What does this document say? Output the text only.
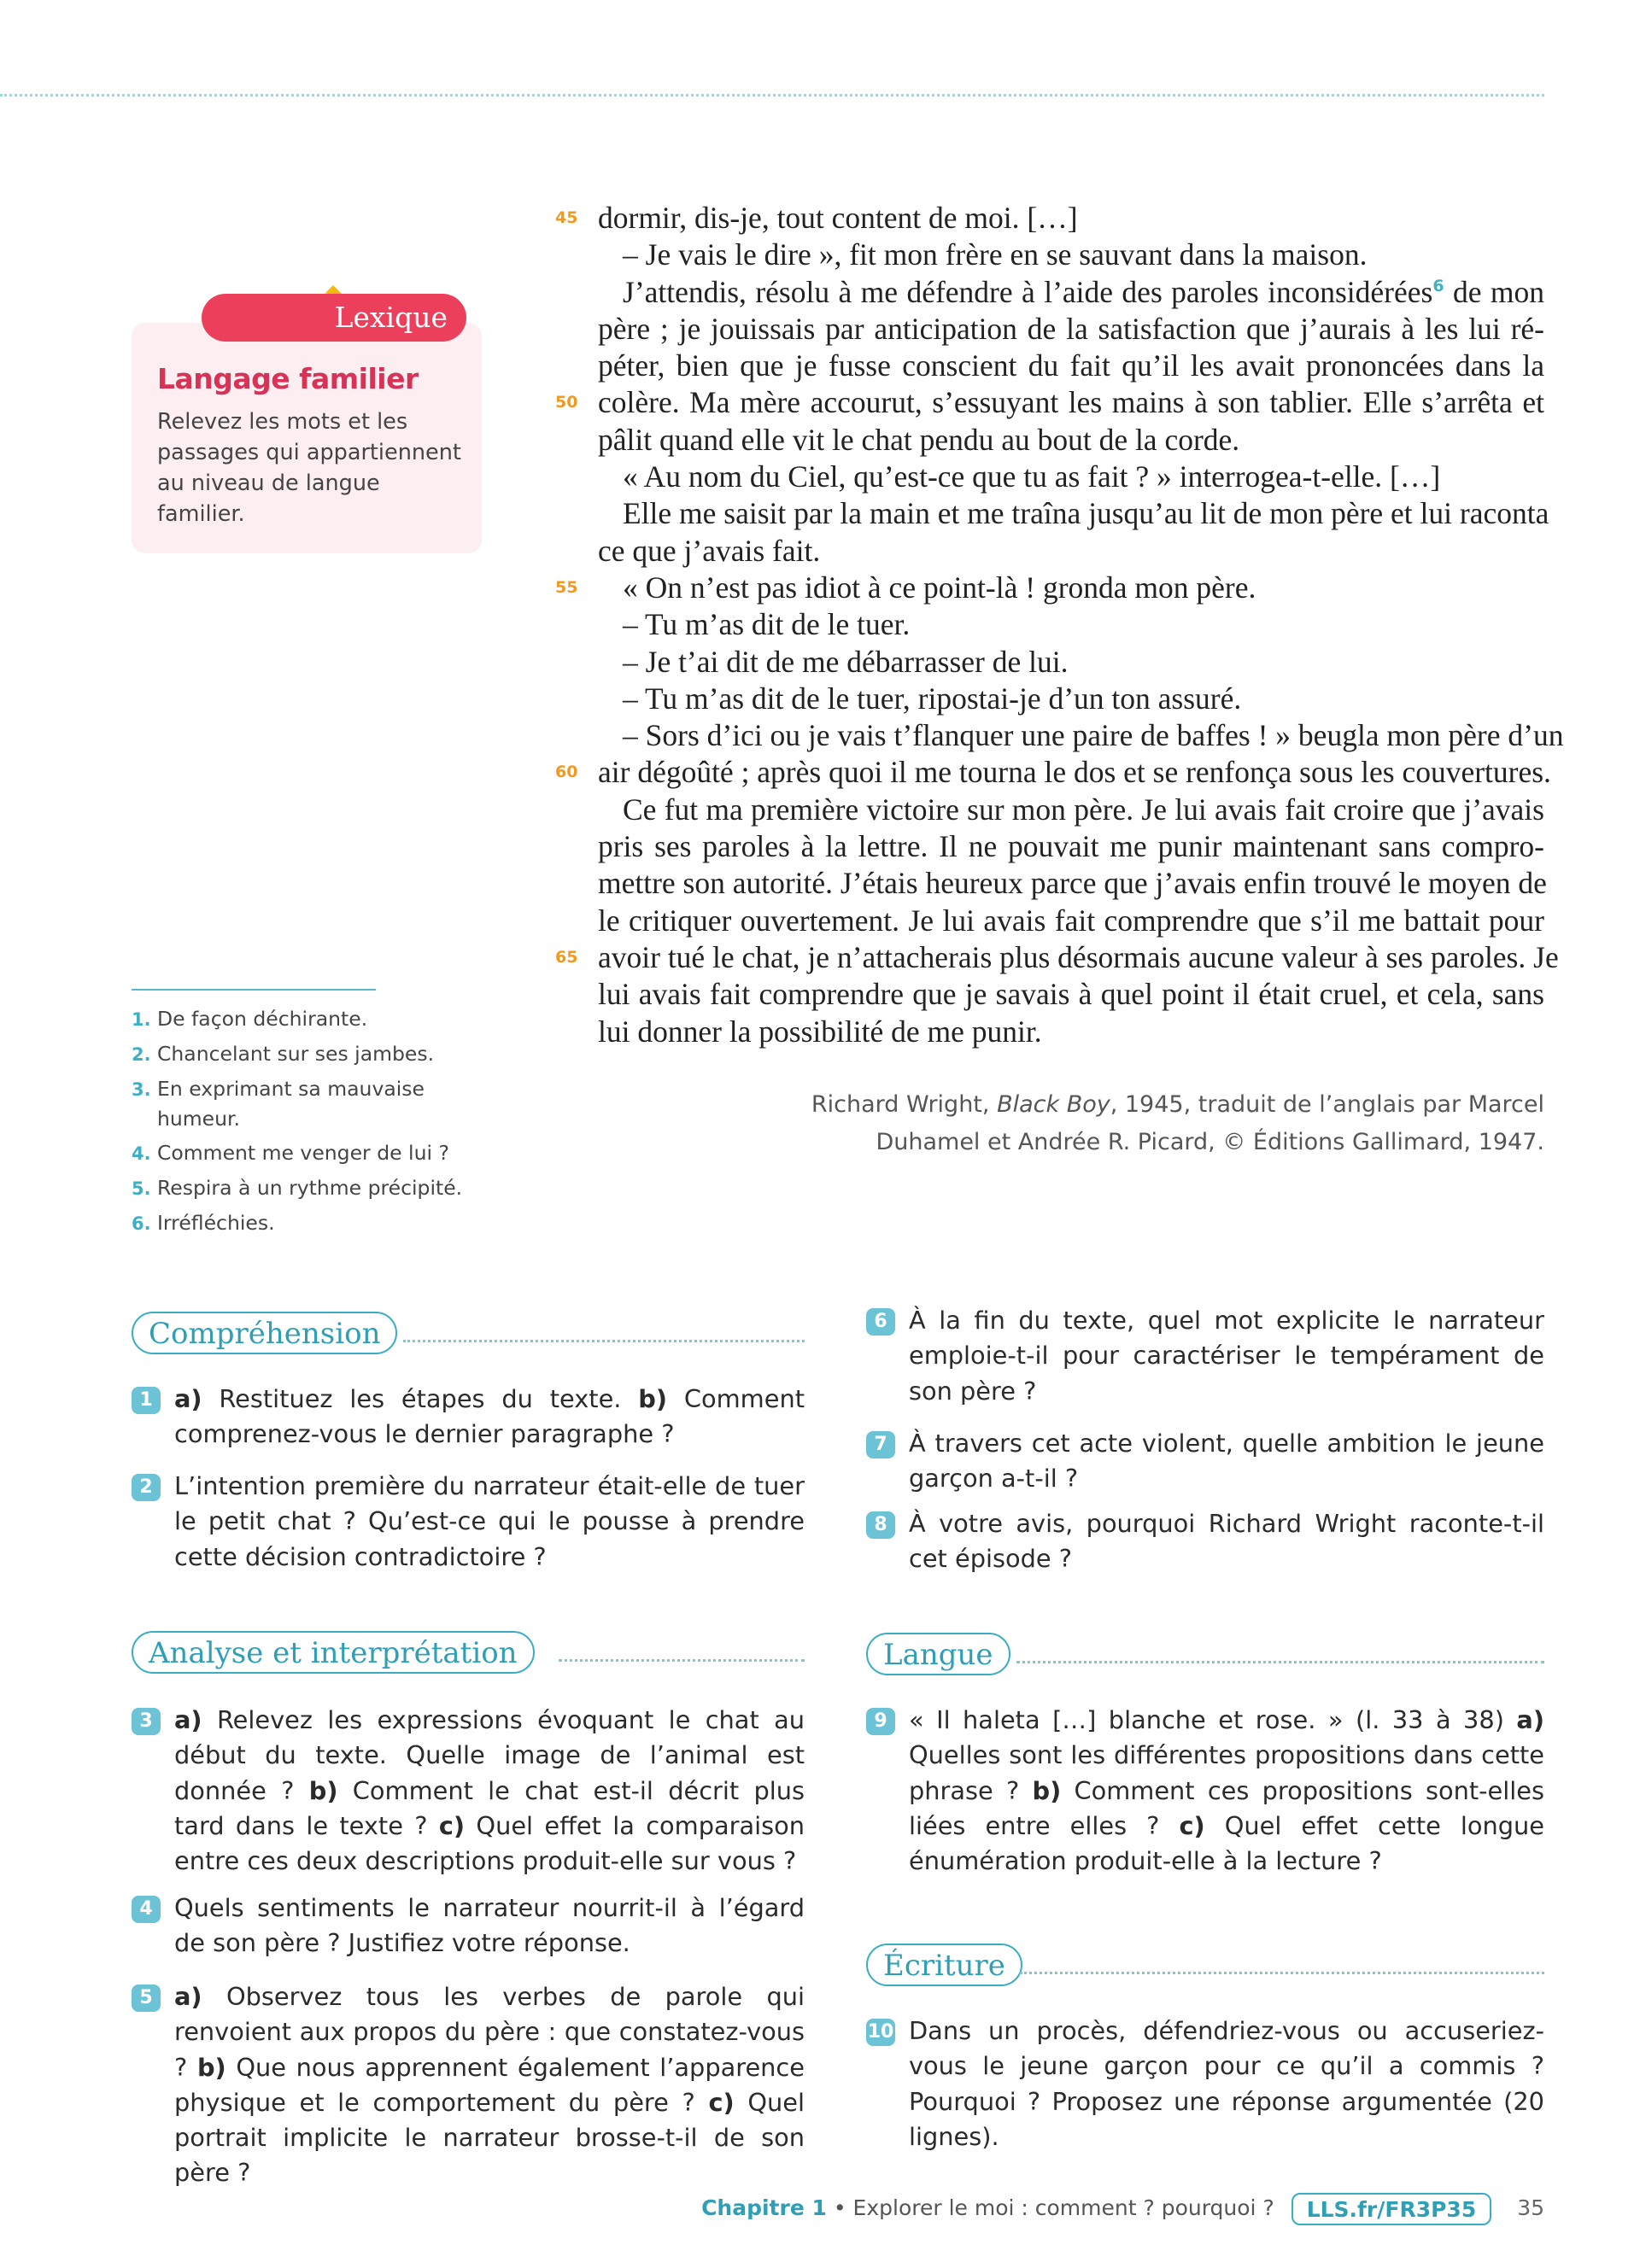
Lexique
Langage familier
Relevez les mots et les passages qui appartiennent au niveau de langue familier.
1. De façon déchirante.
2. Chancelant sur ses jambes.
3. En exprimant sa mauvaise humeur.
4. Comment me venger de lui ?
5. Respira à un rythme précipité.
6. Irréfléchies.
45 dormir, dis-je, tout content de moi. […]
– Je vais le dire », fit mon frère en se sauvant dans la maison.
J’attendis, résolu à me défendre à l’aide des paroles inconsidérées$^6$ de mon
père ; je jouissais par anticipation de la satisfaction que j’aurais à les lui ré-
péter, bien que je fusse conscient du fait qu’il les avait prononcées dans la
50 colère. Ma mère accourut, s’essuyant les mains à son tablier. Elle s’arrêta et
pâlit quand elle vit le chat pendu au bout de la corde.
« Au nom du Ciel, qu’est-ce que tu as fait ? » interrogea-t-elle. […]
Elle me saisit par la main et me traîna jusqu’au lit de mon père et lui raconta
ce que j’avais fait.
55 « On n’est pas idiot à ce point-là ! gronda mon père.
– Tu m’as dit de le tuer.
– Je t’ai dit de me débarrasser de lui.
– Tu m’as dit de le tuer, ripostai-je d’un ton assuré.
– Sors d’ici ou je vais t’flanquer une paire de baffes ! » beugla mon père d’un
60 air dégoûté ; après quoi il me tourna le dos et se renfonça sous les couvertures.
Ce fut ma première victoire sur mon père. Je lui avais fait croire que j’avais
pris ses paroles à la lettre. Il ne pouvait me punir maintenant sans compro-
mettre son autorité. J’étais heureux parce que j’avais enfin trouvé le moyen de
le critiquer ouvertement. Je lui avais fait comprendre que s’il me battait pour
65 avoir tué le chat, je n’attacherais plus désormais aucune valeur à ses paroles. Je
lui avais fait comprendre que je savais à quel point il était cruel, et cela, sans
lui donner la possibilité de me punir.
Richard Wright, Black Boy, 1945, traduit de l’anglais par Marcel
Duhamel et Andrée R. Picard, © Éditions Gallimard, 1947.
Compréhension
1 a) Restituez les étapes du texte. b) Comment comprenez-vous le dernier paragraphe ?
2 L’intention première du narrateur était-elle de tuer le petit chat ? Qu’est-ce qui le pousse à prendre cette décision contradictoire ?
Analyse et interprétation
3 a) Relevez les expressions évoquant le chat au début du texte. Quelle image de l’animal est donnée ? b) Comment le chat est-il décrit plus tard dans le texte ? c) Quel effet la comparaison entre ces deux descriptions produit-elle sur vous ?
4 Quels sentiments le narrateur nourrit-il à l’égard de son père ? Justifiez votre réponse.
5 a) Observez tous les verbes de parole qui renvoient aux propos du père : que constatez-vous ? b) Que nous apprennent également l’apparence physique et le comportement du père ? c) Quel portrait implicite le narrateur brosse-t-il de son père ?
6 À la fin du texte, quel mot explicite le narrateur emploie-t-il pour caractériser le tempérament de son père ?
7 À travers cet acte violent, quelle ambition le jeune garçon a-t-il ?
8 À votre avis, pourquoi Richard Wright raconte-t-il cet épisode ?
Langue
9 « Il haleta […] blanche et rose. » (l. 33 à 38) a) Quelles sont les différentes propositions dans cette phrase ? b) Comment ces propositions sont-elles liées entre elles ? c) Quel effet cette longue énumération produit-elle à la lecture ?
Écriture
10 Dans un procès, défendriez-vous ou accuseriez-vous le jeune garçon pour ce qu’il a commis ? Pourquoi ? Proposez une réponse argumentée (20 lignes).
Chapitre 1 • Explorer le moi : comment ? pourquoi ? LLS.fr/FR3P35 35
